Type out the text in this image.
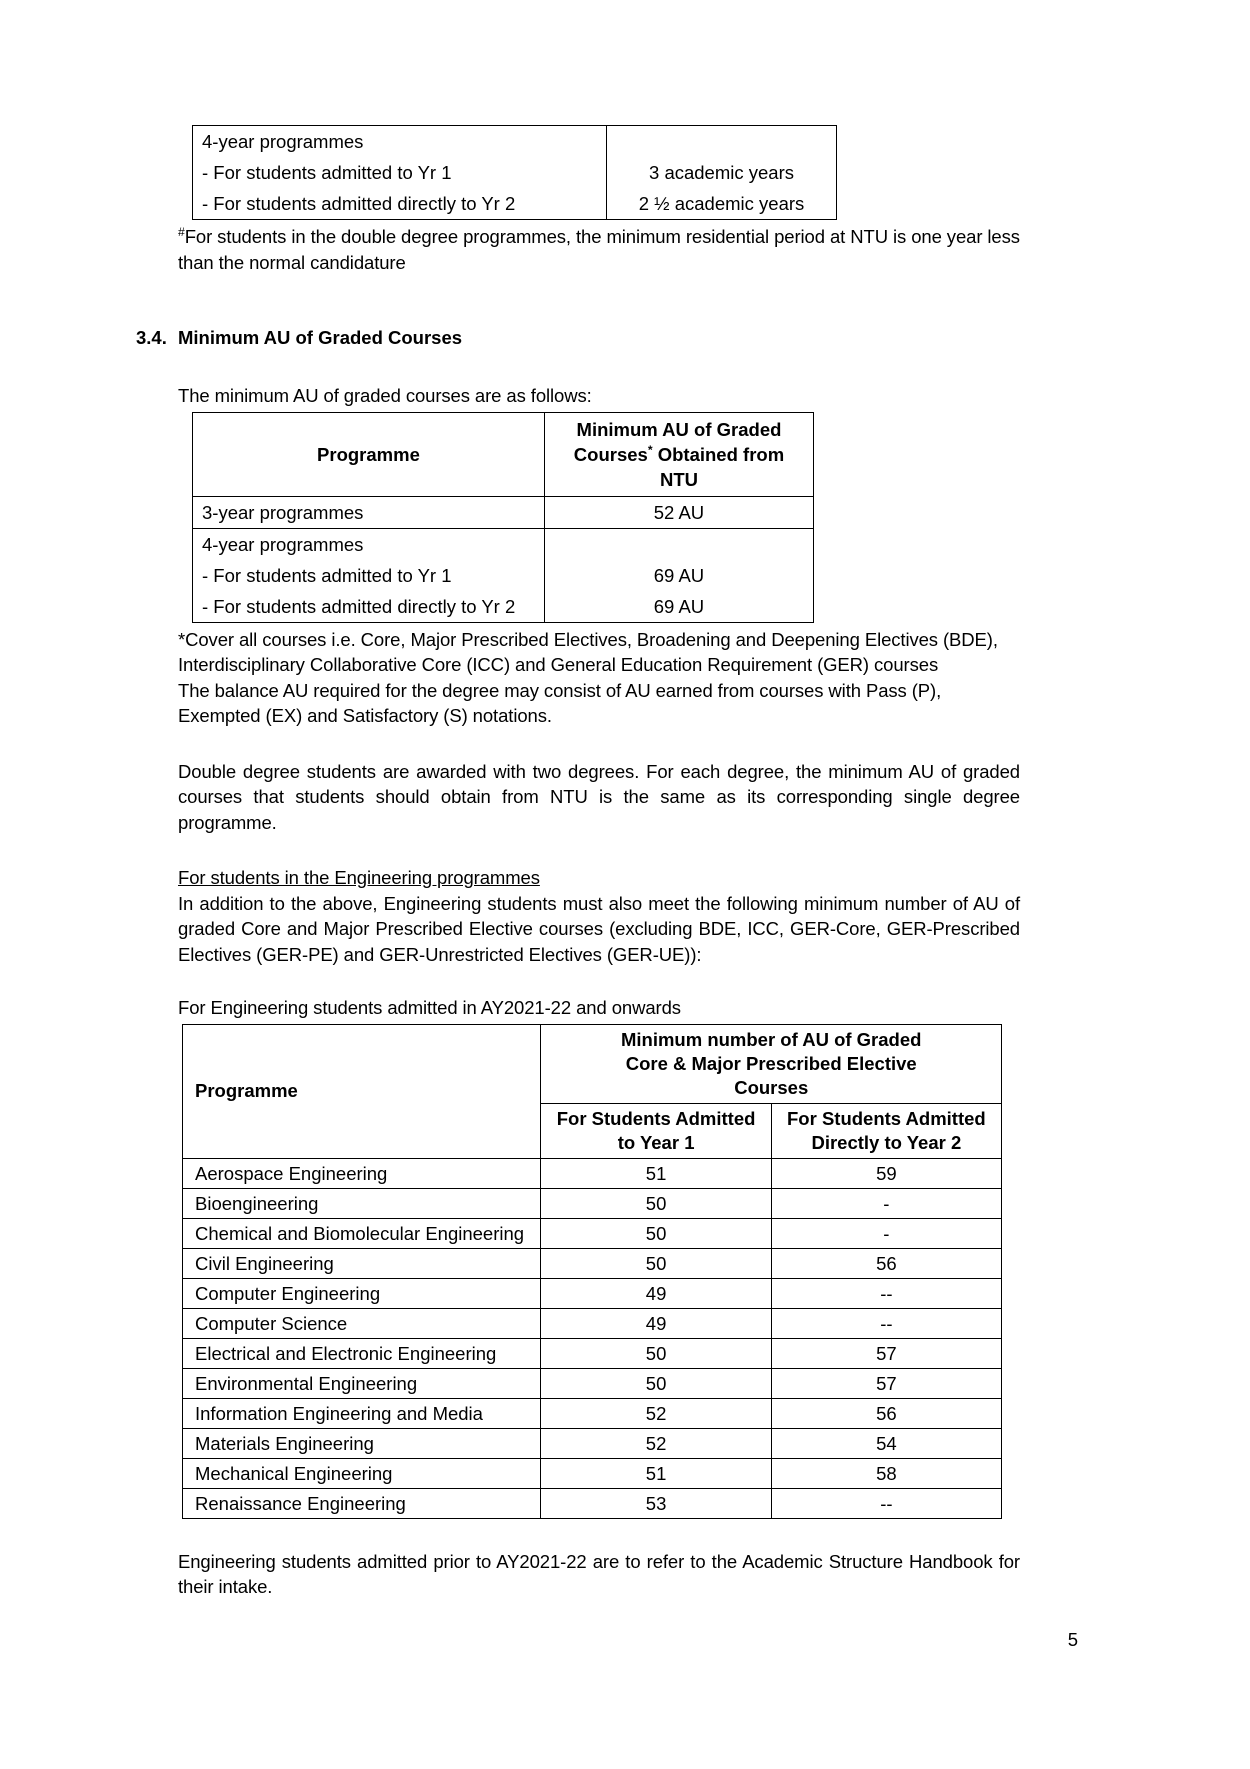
4-year programmes	
- For students admitted to Yr 1	3 academic years
- For students admitted directly to Yr 2	2 ½ academic years

#For students in the double degree programmes, the minimum residential period at NTU is one year less than the normal candidature

3.4. Minimum AU of Graded Courses

The minimum AU of graded courses are as follows:

Programme	Minimum AU of Graded
Courses* Obtained from NTU

3-year programmes	52 AU
4-year programmes	
- For students admitted to Yr 1	69 AU
- For students admitted directly to Yr 2	69 AU

*Cover all courses i.e. Core, Major Prescribed Electives, Broadening and Deepening Electives (BDE),

Interdisciplinary Collaborative Core (ICC) and General Education Requirement (GER) courses

The balance AU required for the degree may consist of AU earned from courses with Pass (P),

Exempted (EX) and Satisfactory (S) notations.

Double degree students are awarded with two degrees. For each degree, the minimum AU of graded courses that students should obtain from NTU is the same as its corresponding single degree programme.

For students in the Engineering programmes

In addition to the above, Engineering students must also meet the following minimum number of AU of graded Core and Major Prescribed Elective courses (excluding BDE, ICC, GER-Core, GER-Prescribed Electives (GER-PE) and GER-Unrestricted Electives (GER-UE)):

For Engineering students admitted in AY2021-22 and onwards

Programme	Minimum number of AU of Graded
Core & Major Prescribed Elective
Courses	

	For Students Admitted
to Year 1	For Students Admitted
Directly to Year 2

Aerospace Engineering	51	59
Bioengineering	50	-
Chemical and Biomolecular Engineering	50	-
Civil Engineering	50	56
Computer Engineering	49	--
Computer Science	49	--
Electrical and Electronic Engineering	50	57
Environmental Engineering	50	57
Information Engineering and Media	52	56
Materials Engineering	52	54
Mechanical Engineering	51	58
Renaissance Engineering	53	--

Engineering students admitted prior to AY2021-22 are to refer to the Academic Structure Handbook for their intake.

5
